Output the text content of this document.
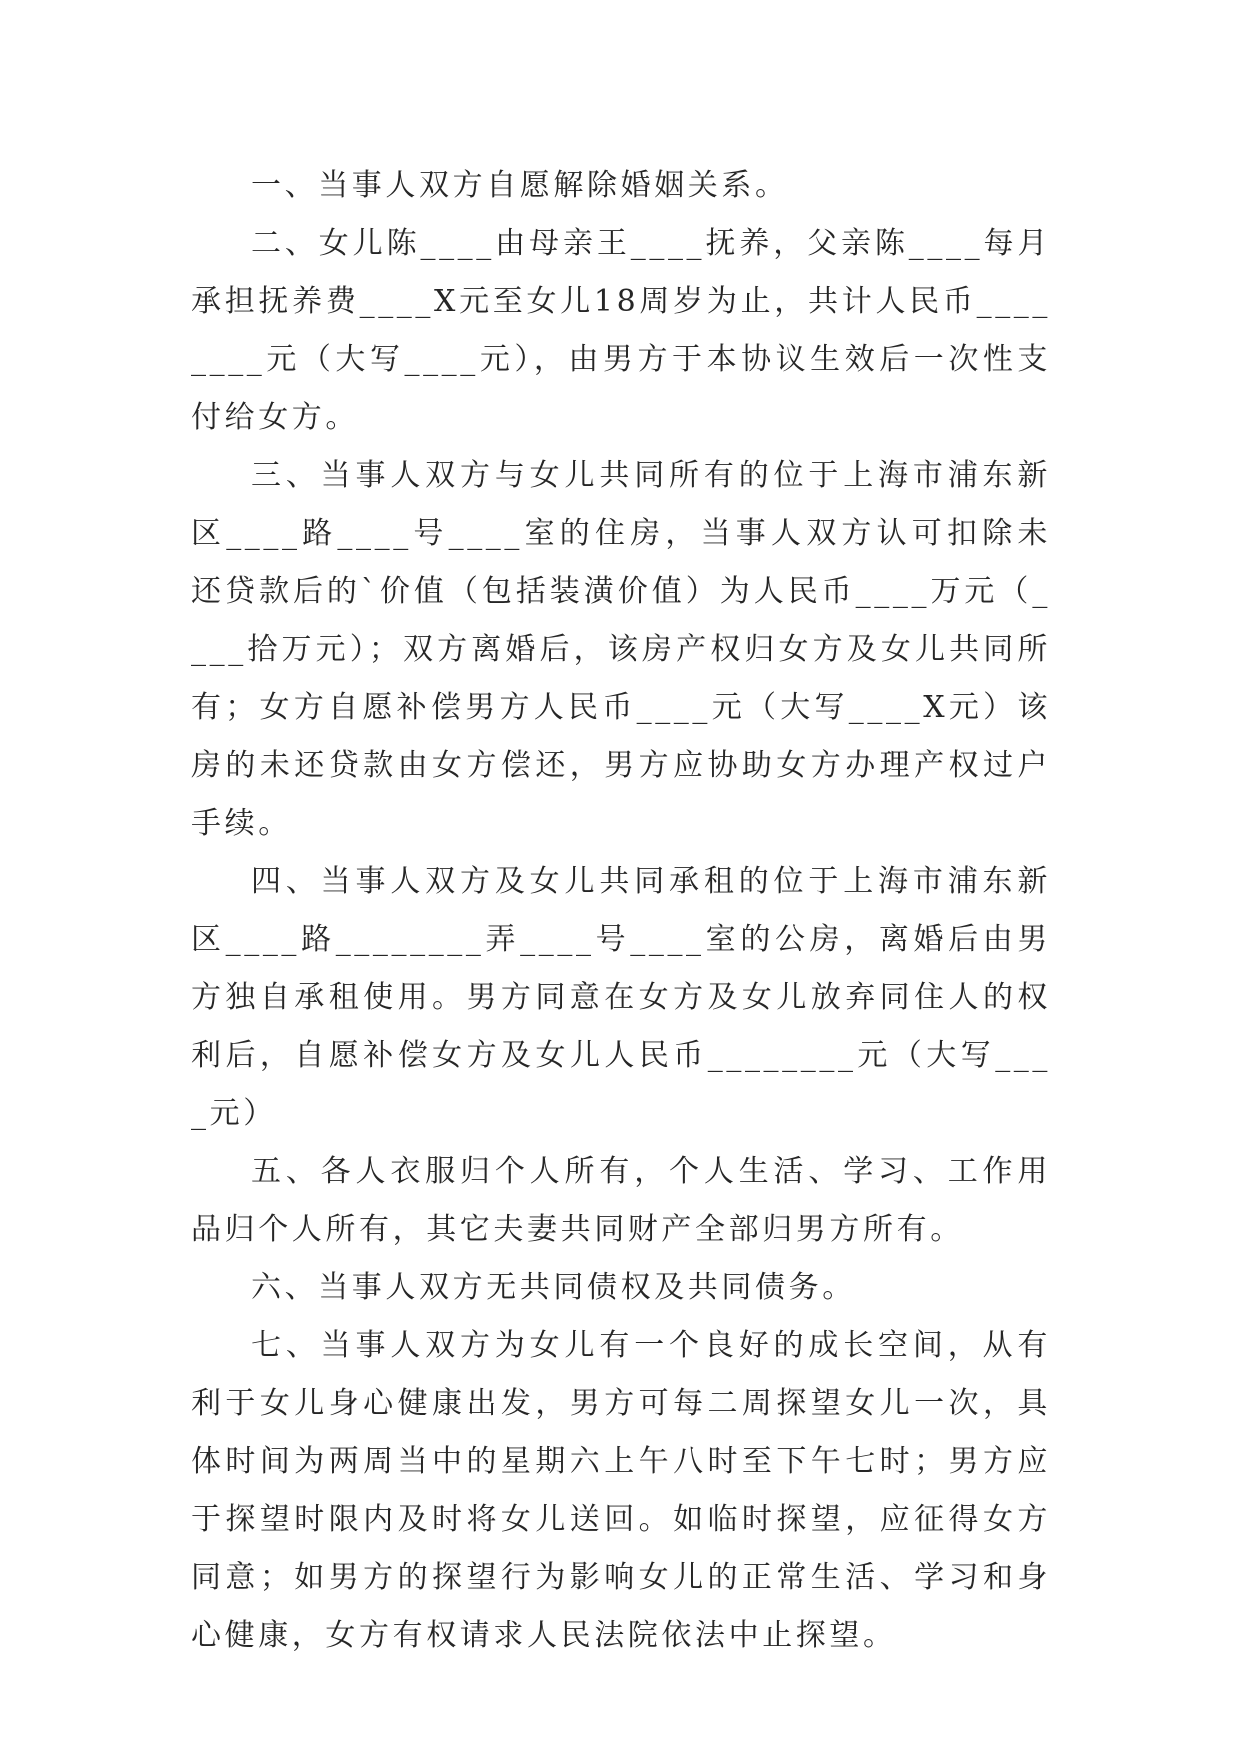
一、当事人双方自愿解除婚姻关系。

二、女儿陈____由母亲王____抚养，父亲陈____每月承担抚养费____X元至女儿18周岁为止，共计人民币________元（大写____元），由男方于本协议生效后一次性支付给女方。

三、当事人双方与女儿共同所有的位于上海市浦东新区____路____号____室的住房，当事人双方认可扣除未还贷款后的`价值（包括装潢价值）为人民币____万元（____拾万元）；双方离婚后，该房产权归女方及女儿共同所有；女方自愿补偿男方人民币____元（大写____X元）该房的未还贷款由女方偿还，男方应协助女方办理产权过户手续。

四、当事人双方及女儿共同承租的位于上海市浦东新区____路________弄____号____室的公房，离婚后由男方独自承租使用。男方同意在女方及女儿放弃同住人的权利后，自愿补偿女方及女儿人民币________元（大写____元）

五、各人衣服归个人所有，个人生活、学习、工作用品归个人所有，其它夫妻共同财产全部归男方所有。

六、当事人双方无共同债权及共同债务。

七、当事人双方为女儿有一个良好的成长空间，从有利于女儿身心健康出发，男方可每二周探望女儿一次，具体时间为两周当中的星期六上午八时至下午七时；男方应于探望时限内及时将女儿送回。如临时探望，应征得女方同意；如男方的探望行为影响女儿的正常生活、学习和身心健康，女方有权请求人民法院依法中止探望。
